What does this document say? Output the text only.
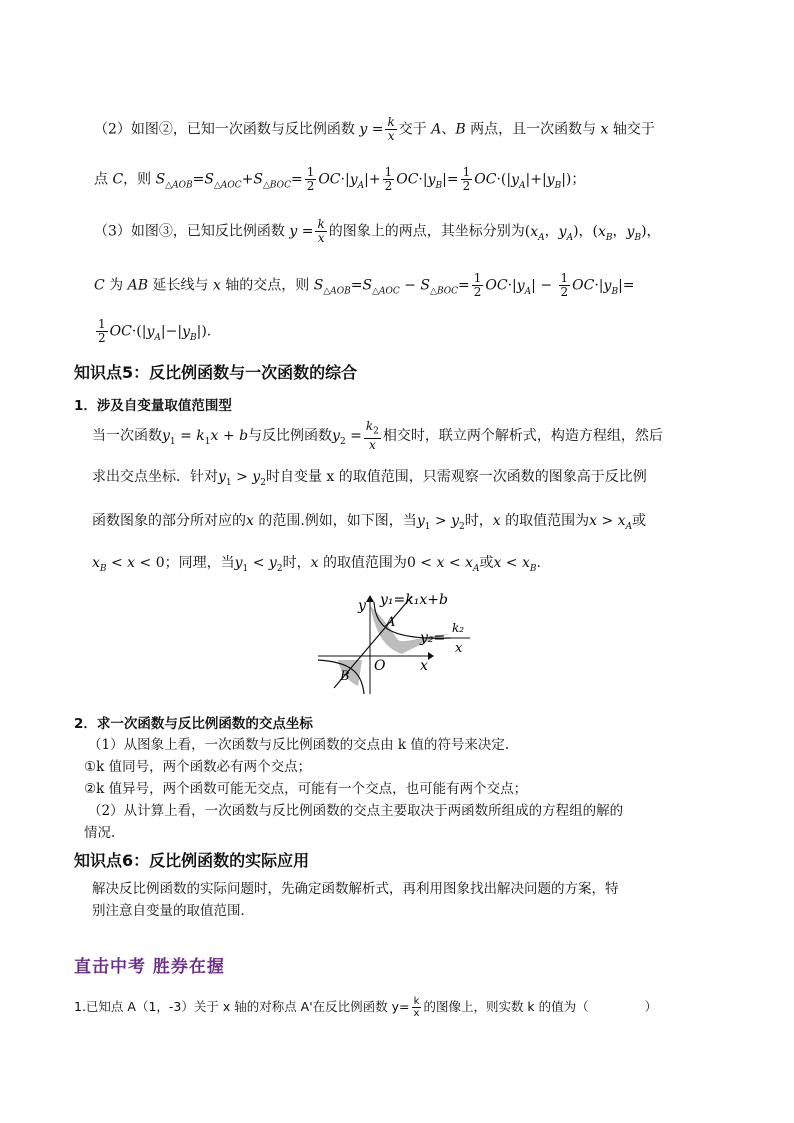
（2）如图②，已知一次函数与反比例函数 $y = \frac{k}{x}$ 交于 A、B 两点，且一次函数与 x 轴交于
点 C，则 $S_{\triangle AOB}=S_{\triangle AOC}+S_{\triangle BOC}= \frac{1}{2} OC\cdot|y_A|+ \frac{1}{2} OC\cdot|y_B|= \frac{1}{2} OC\cdot(|y_A|+|y_B|)$；
（3）如图③，已知反比例函数 $y = \frac{k}{x}$ 的图象上的两点，其坐标分别为($x_A$，$y_A$)，($x_B$，$y_B$)，
C 为 AB 延长线与 x 轴的交点，则 $S_{\triangle AOB}=S_{\triangle AOC} - S_{\triangle BOC}= \frac{1}{2} OC\cdot|y_A| - \frac{1}{2} OC\cdot|y_B|=$
$\frac{1}{2} OC\cdot(|y_A|-|y_B|)$.
知识点5：反比例函数与一次函数的综合
1．涉及自变量取值范围型
当一次函数$y_1 = k_1x + b$与反比例函数$y_2 = \frac{k_2}{x}$ 相交时，联立两个解析式，构造方程组，然后
求出交点坐标．针对$y_1 > y_2$时自变量 x 的取值范围，只需观察一次函数的图象高于反比例
函数图象的部分所对应的x 的范围.例如，如下图，当$y_1 > y_2$时，x 的取值范围为$x > x_A$或
$x_B < x < 0$；同理，当$y_1 < y_2$时，x 的取值范围为$0 < x < x_A$或$x < x_B$.
y y₁=k₁x+b
A
y₂=
k₂
x
O x
B
2．求一次函数与反比例函数的交点坐标
（1）从图象上看，一次函数与反比例函数的交点由 k 值的符号来决定.
①k 值同号，两个函数必有两个交点；
②k 值异号，两个函数可能无交点，可能有一个交点，也可能有两个交点；
（2）从计算上看，一次函数与反比例函数的交点主要取决于两函数所组成的方程组的解的
情况.
知识点6：反比例函数的实际应用
解决反比例函数的实际问题时，先确定函数解析式，再利用图象找出解决问题的方案，特
别注意自变量的取值范围．
直击中考 胜券在握
1.已知点 A（1，-3）关于 x 轴的对称点 A'在反比例函数 $y= \frac{k}{x}$ 的图像上，则实数 k 的值为（	）
